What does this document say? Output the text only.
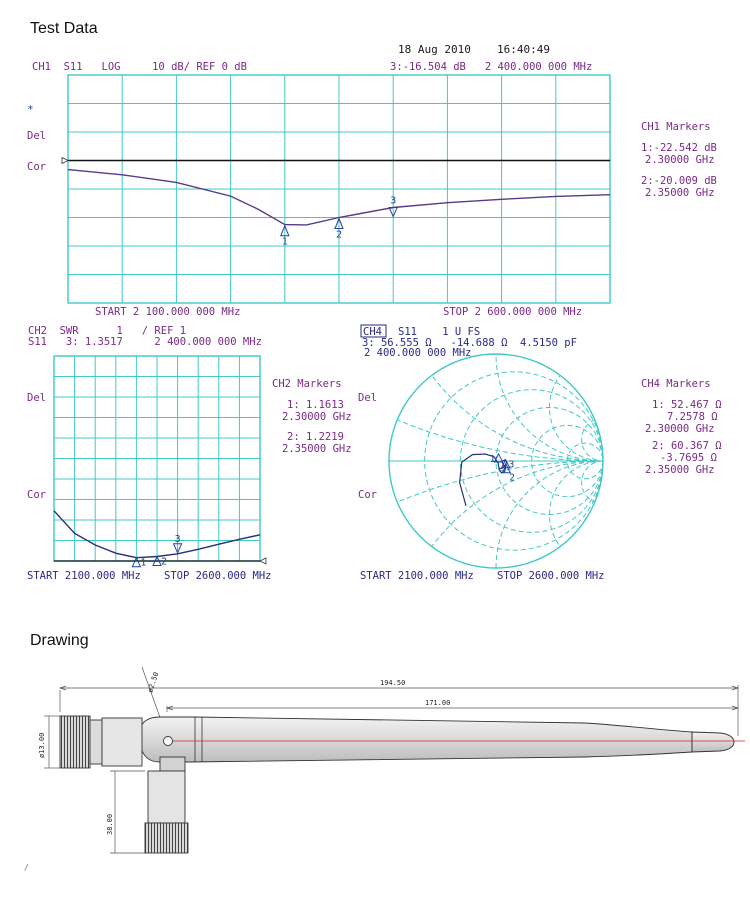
Test Data
Drawing
18 Aug 2010 16:40:49
CH1  S11   LOG     10 dB/ REF 0 dB	3:-16.504 dB   2 400.000 000 MHz
*
Del
Cor
1
2
3
START 2 100.000 000 MHz	STOP 2 600.000 000 MHz
CH1 Markers
1:-22.542 dB
2.30000 GHz
2:-20.009 dB
2.35000 GHz
CH2  SWR      1   / REF 1
S11   3: 1.3517     2 400.000 000 MHz
Del
Cor
1 2
3
START 2100.000 MHz STOP 2600.000 MHz
CH2 Markers
1: 1.1613
2.30000 GHz
2: 1.2219
2.35000 GHz
CH4 S11    1 U FS
3: 56.555 Ω   -14.688 Ω  4.5150 pF
2 400.000 000 MHz
Del
Cor
1
2
3
START 2100.000 MHz STOP 2600.000 MHz
CH4 Markers
1: 52.467 Ω
7.2578 Ω
2.30000 GHz
2: 60.367 Ω
-3.7695 Ω
2.35000 GHz
194.50
171.00
ø13.00
38.00
ø2.50
/
